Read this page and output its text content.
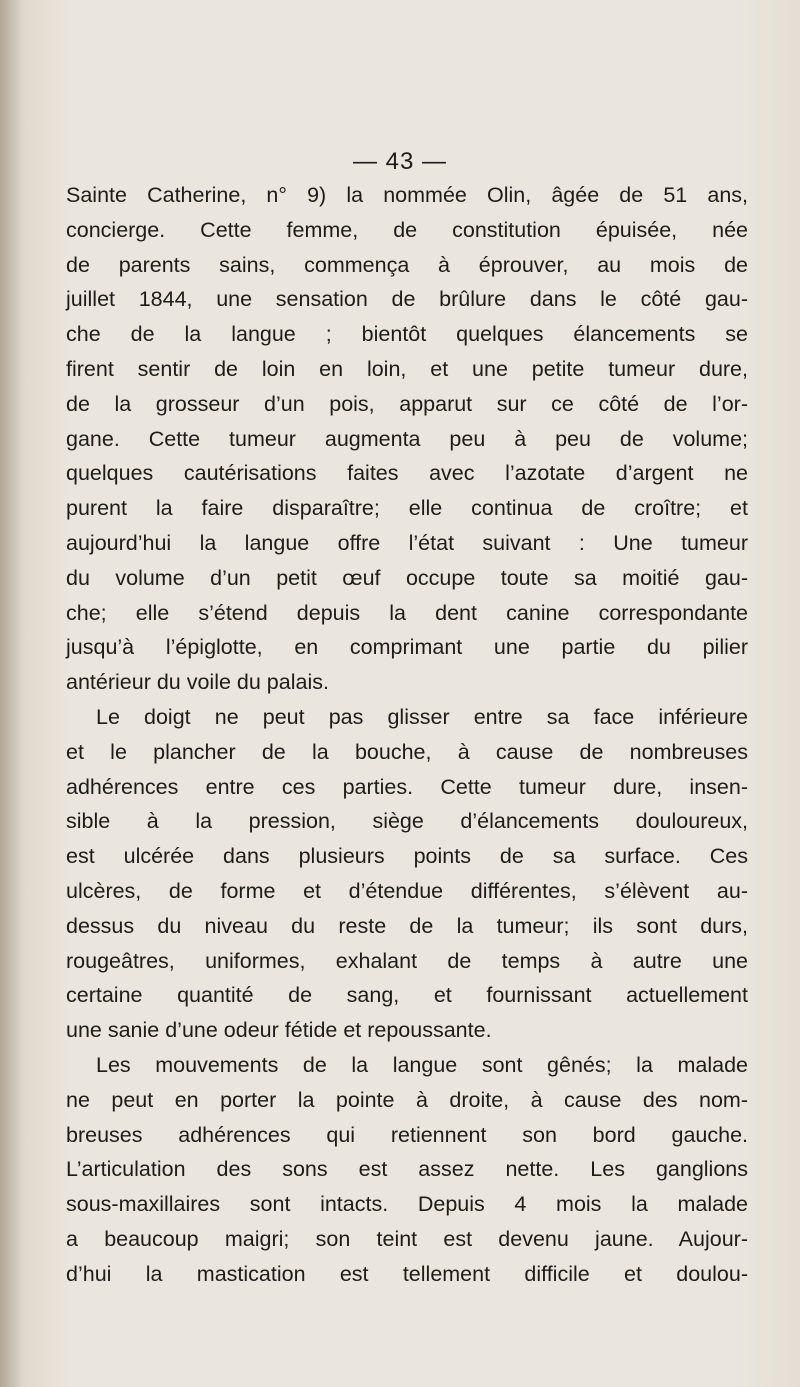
— 43 —
Sainte Catherine, n° 9) la nommée Olin, âgée de 51 ans,
concierge. Cette femme, de constitution épuisée, née
de parents sains, commença à éprouver, au mois de
juillet 1844, une sensation de brûlure dans le côté gau-
che de la langue ; bientôt quelques élancements se
firent sentir de loin en loin, et une petite tumeur dure,
de la grosseur d’un pois, apparut sur ce côté de l’or-
gane. Cette tumeur augmenta peu à peu de volume;
quelques cautérisations faites avec l’azotate d’argent ne
purent la faire disparaître; elle continua de croître; et
aujourd’hui la langue offre l’état suivant : Une tumeur
du volume d’un petit œuf occupe toute sa moitié gau-
che; elle s’étend depuis la dent canine correspondante
jusqu’à l’épiglotte, en comprimant une partie du pilier
antérieur du voile du palais.
Le doigt ne peut pas glisser entre sa face inférieure
et le plancher de la bouche, à cause de nombreuses
adhérences entre ces parties. Cette tumeur dure, insen-
sible à la pression, siège d’élancements douloureux,
est ulcérée dans plusieurs points de sa surface. Ces
ulcères, de forme et d’étendue différentes, s’élèvent au-
dessus du niveau du reste de la tumeur; ils sont durs,
rougeâtres, uniformes, exhalant de temps à autre une
certaine quantité de sang, et fournissant actuellement
une sanie d’une odeur fétide et repoussante.
Les mouvements de la langue sont gênés; la malade
ne peut en porter la pointe à droite, à cause des nom-
breuses adhérences qui retiennent son bord gauche.
L’articulation des sons est assez nette. Les ganglions
sous-maxillaires sont intacts. Depuis 4 mois la malade
a beaucoup maigri; son teint est devenu jaune. Aujour-
d’hui la mastication est tellement difficile et doulou-
